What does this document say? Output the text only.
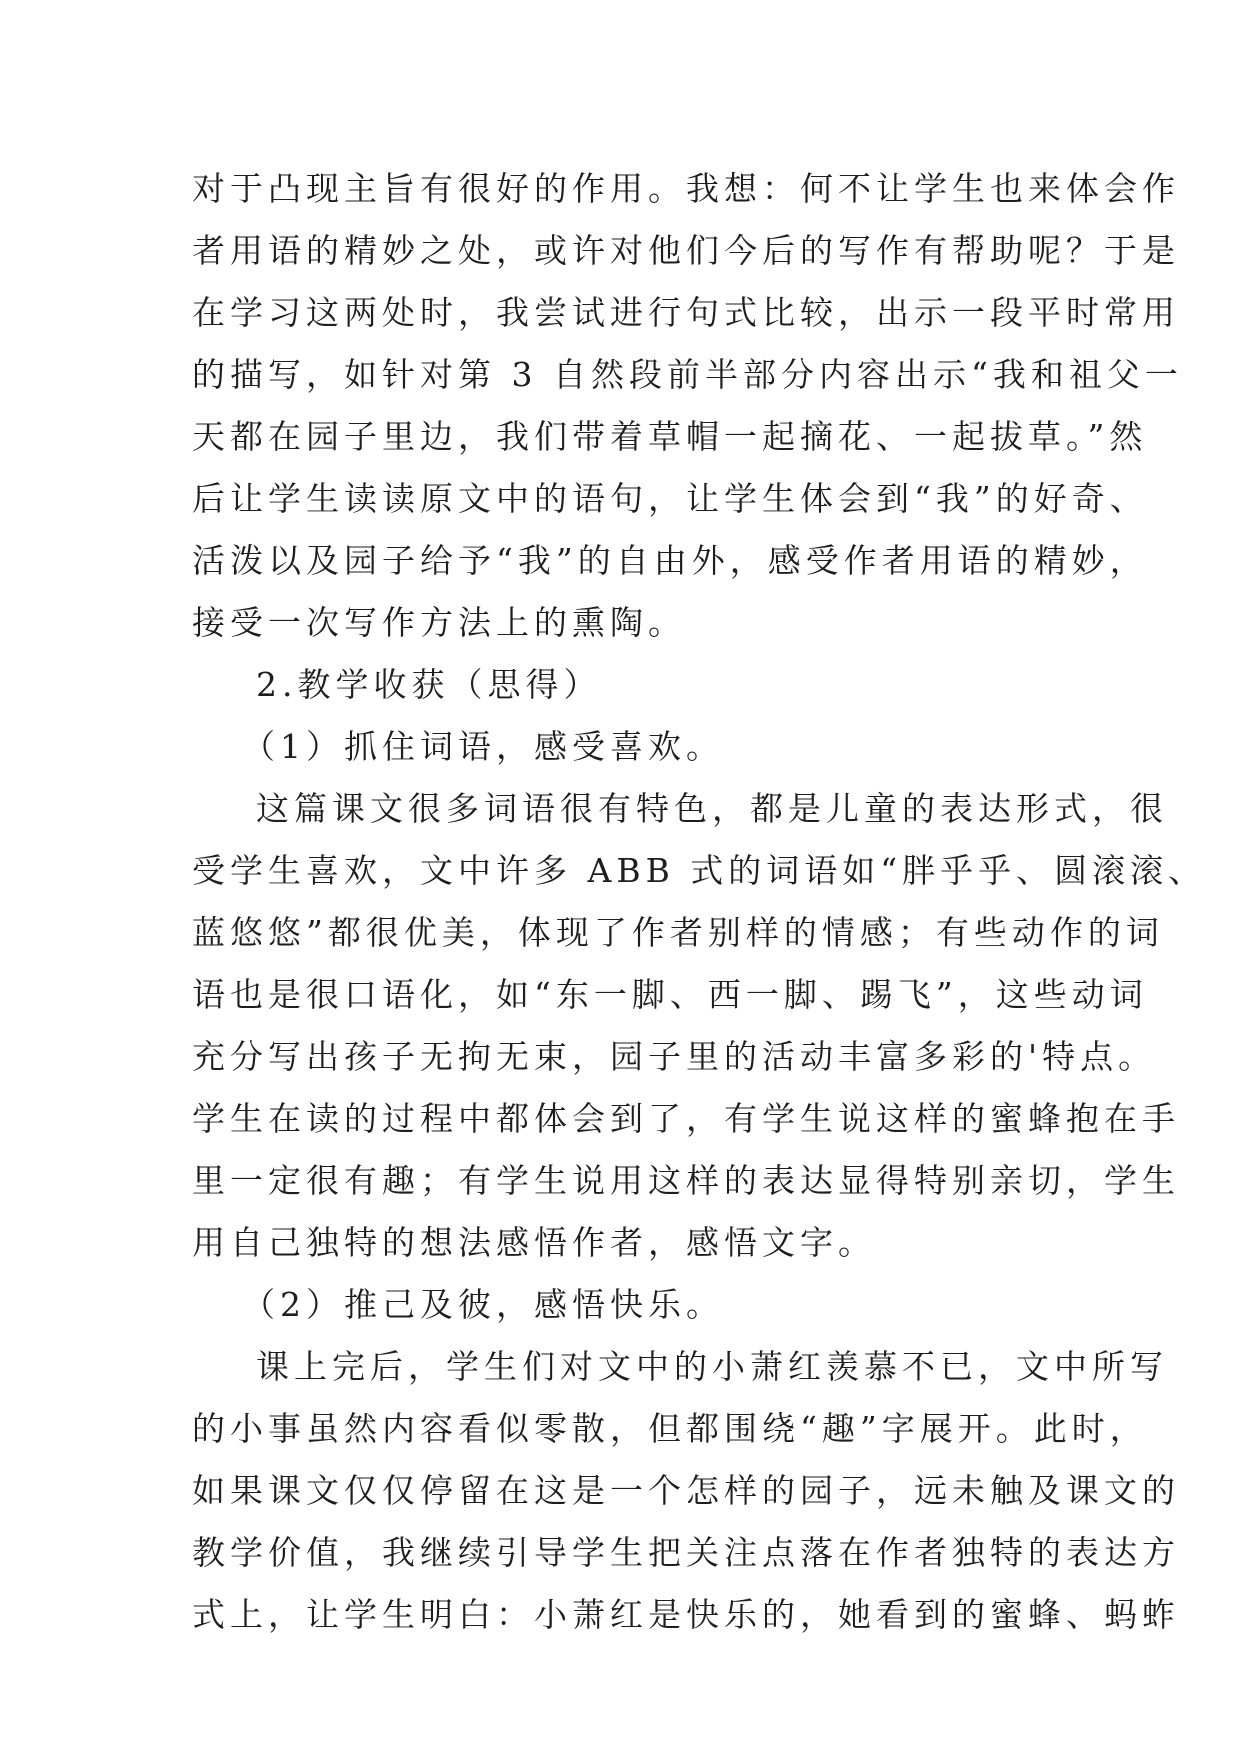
对于凸现主旨有很好的作用。我想：何不让学生也来体会作
者用语的精妙之处，或许对他们今后的写作有帮助呢？于是
在学习这两处时，我尝试进行句式比较，出示一段平时常用
的描写，如针对第 3 自然段前半部分内容出示“我和祖父一
天都在园子里边，我们带着草帽一起摘花、一起拔草。”然
后让学生读读原文中的语句，让学生体会到“我”的好奇、
活泼以及园子给予“我”的自由外，感受作者用语的精妙，
接受一次写作方法上的熏陶。
2.教学收获（思得）
（1）抓住词语，感受喜欢。
这篇课文很多词语很有特色，都是儿童的表达形式，很
受学生喜欢，文中许多 ABB 式的词语如“胖乎乎、圆滚滚、
蓝悠悠”都很优美，体现了作者别样的情感；有些动作的词
语也是很口语化，如“东一脚、西一脚、踢飞”，这些动词
充分写出孩子无拘无束，园子里的活动丰富多彩的'特点。
学生在读的过程中都体会到了，有学生说这样的蜜蜂抱在手
里一定很有趣；有学生说用这样的表达显得特别亲切，学生
用自己独特的想法感悟作者，感悟文字。
（2）推己及彼，感悟快乐。
课上完后，学生们对文中的小萧红羡慕不已，文中所写
的小事虽然内容看似零散，但都围绕“趣”字展开。此时，
如果课文仅仅停留在这是一个怎样的园子，远未触及课文的
教学价值，我继续引导学生把关注点落在作者独特的表达方
式上，让学生明白：小萧红是快乐的，她看到的蜜蜂、蚂蚱
